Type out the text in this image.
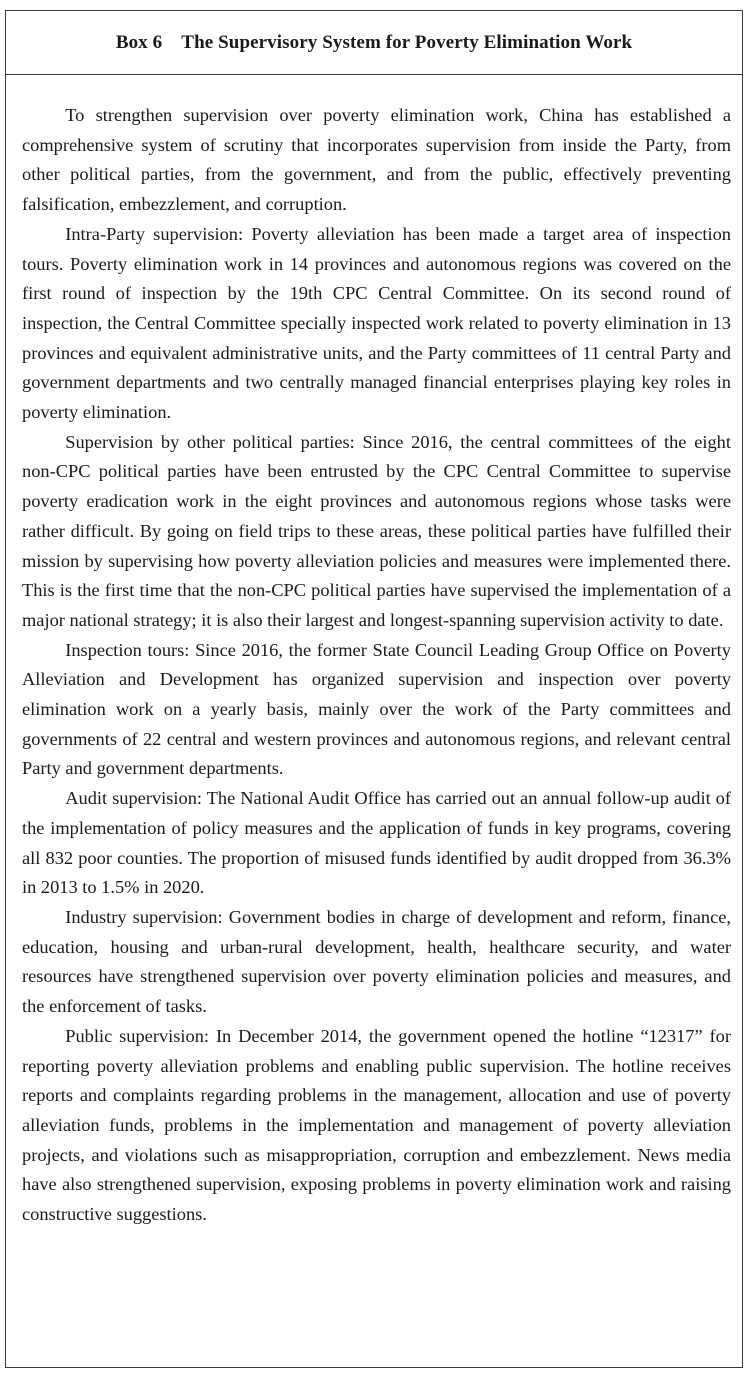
Box 6    The Supervisory System for Poverty Elimination Work

To strengthen supervision over poverty elimination work, China has established a comprehensive system of scrutiny that incorporates supervision from inside the Party, from other political parties, from the government, and from the public, effectively preventing falsification, embezzlement, and corruption.

Intra-Party supervision: Poverty alleviation has been made a target area of inspection tours. Poverty elimination work in 14 provinces and autonomous regions was covered on the first round of inspection by the 19th CPC Central Committee. On its second round of inspection, the Central Committee specially inspected work related to poverty elimination in 13 provinces and equivalent administrative units, and the Party committees of 11 central Party and government departments and two centrally managed financial enterprises playing key roles in poverty elimination.

Supervision by other political parties: Since 2016, the central committees of the eight non-CPC political parties have been entrusted by the CPC Central Committee to supervise poverty eradication work in the eight provinces and autonomous regions whose tasks were rather difficult. By going on field trips to these areas, these political parties have fulfilled their mission by supervising how poverty alleviation policies and measures were implemented there. This is the first time that the non-CPC political parties have supervised the implementation of a major national strategy; it is also their largest and longest-spanning supervision activity to date.

Inspection tours: Since 2016, the former State Council Leading Group Office on Poverty Alleviation and Development has organized supervision and inspection over poverty elimination work on a yearly basis, mainly over the work of the Party committees and governments of 22 central and western provinces and autonomous regions, and relevant central Party and government departments.

Audit supervision: The National Audit Office has carried out an annual follow-up audit of the implementation of policy measures and the application of funds in key programs, covering all 832 poor counties. The proportion of misused funds identified by audit dropped from 36.3% in 2013 to 1.5% in 2020.

Industry supervision: Government bodies in charge of development and reform, finance, education, housing and urban-rural development, health, healthcare security, and water resources have strengthened supervision over poverty elimination policies and measures, and the enforcement of tasks.

Public supervision: In December 2014, the government opened the hotline “12317” for reporting poverty alleviation problems and enabling public supervision. The hotline receives reports and complaints regarding problems in the management, allocation and use of poverty alleviation funds, problems in the implementation and management of poverty alleviation projects, and violations such as misappropriation, corruption and embezzlement. News media have also strengthened supervision, exposing problems in poverty elimination work and raising constructive suggestions.
